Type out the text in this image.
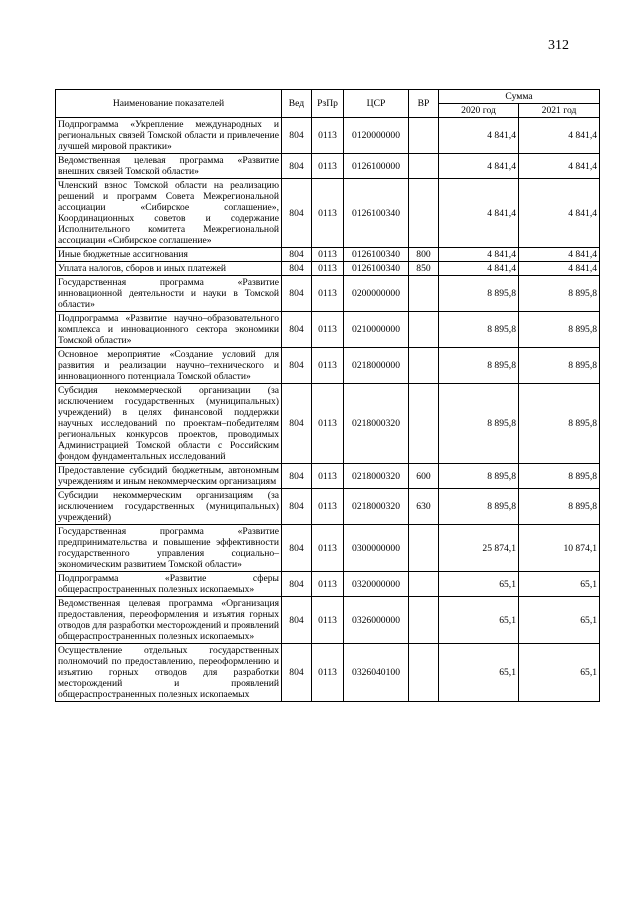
312
Наименование показателей	Вед	РзПр	ЦСР	ВР	Сумма	
					2020 год	2021 год
Подпрограмма «Укрепление международных и региональных связей Томской области и привлечение лучшей мировой практики»	804	0113	0120000000		4 841,4	4 841,4
Ведомственная целевая программа «Развитие внешних связей Томской области»	804	0113	0126100000		4 841,4	4 841,4
Членский взнос Томской области на реализацию решений и программ Совета Межрегиональной ассоциации «Сибирское соглашение», Координационных советов и содержание Исполнительного комитета Межрегиональной ассоциации «Сибирское соглашение»	804	0113	0126100340		4 841,4	4 841,4
Иные бюджетные ассигнования	804	0113	0126100340	800	4 841,4	4 841,4
Уплата налогов, сборов и иных платежей	804	0113	0126100340	850	4 841,4	4 841,4
Государственная программа «Развитие инновационной деятельности и науки в Томской области»	804	0113	0200000000		8 895,8	8 895,8
Подпрограмма «Развитие научно–образовательного комплекса и инновационного сектора экономики Томской области»	804	0113	0210000000		8 895,8	8 895,8
Основное мероприятие «Создание условий для развития и реализации научно–технического и инновационного потенциала Томской области»	804	0113	0218000000		8 895,8	8 895,8
Субсидия некоммерческой организации (за исключением государственных (муниципальных) учреждений) в целях финансовой поддержки научных исследований по проектам–победителям региональных конкурсов проектов, проводимых Администрацией Томской области с Российским фондом фундаментальных исследований	804	0113	0218000320		8 895,8	8 895,8
Предоставление субсидий бюджетным, автономным учреждениям и иным некоммерческим организациям	804	0113	0218000320	600	8 895,8	8 895,8
Субсидии некоммерческим организациям (за исключением государственных (муниципальных) учреждений)	804	0113	0218000320	630	8 895,8	8 895,8
Государственная программа «Развитие предпринимательства и повышение эффективности государственного управления социально–экономическим развитием Томской области»	804	0113	0300000000		25 874,1	10 874,1
Подпрограмма «Развитие сферы общераспространенных полезных ископаемых»	804	0113	0320000000		65,1	65,1
Ведомственная целевая программа «Организация предоставления, переоформления и изъятия горных отводов для разработки месторождений и проявлений общераспространенных полезных ископаемых»	804	0113	0326000000		65,1	65,1
Осуществление отдельных государственных полномочий по предоставлению, переоформлению и изъятию горных отводов для разработки месторождений и проявлений общераспространенных полезных ископаемых	804	0113	0326040100		65,1	65,1
